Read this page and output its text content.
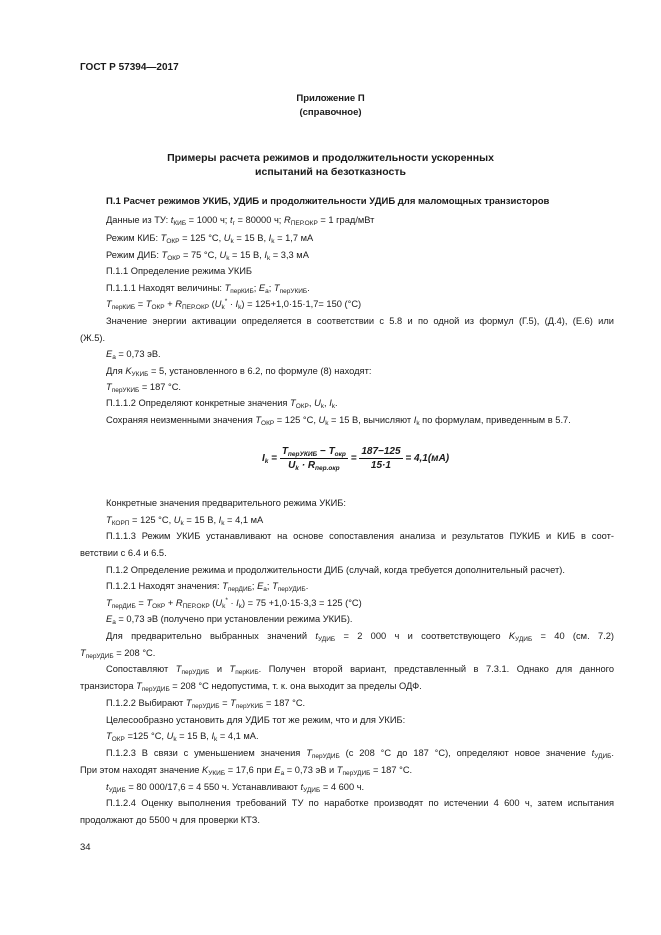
ГОСТ Р 57394—2017
Приложение П
(справочное)
Примеры расчета режимов и продолжительности ускоренных
испытаний на безотказность
П.1 Расчет режимов УКИБ, УДИБ и продолжительности УДИБ для маломощных транзисторов
Данные из ТУ: $t_{КИБ} = 1000$ ч; $t_г = 80000$ ч; $R_{ПЕР.ОКР} = 1$ град/мВт
Режим КИБ: $T_{ОКР} = 125$ °С, $U_k = 15$ В, $I_k = 1,7$ мА
Режим ДИБ: $T_{ОКР} = 75$ °С, $U_k = 15$ В, $I_k = 3,3$ мА
П.1.1 Определение режима УКИБ
П.1.1.1 Находят величины: $T_{перКИБ}$; $E_a$; $T_{перУКИБ}$.
$T_{перКИБ} = T_{ОКР} + R_{ПЕР.ОКР}$ $(U_k^* \cdot I_k) = 125+1,0\cdot 15\cdot 1,7= 150$ (°С)
Значение энергии активации определяется в соответствии с 5.8 и по одной из формул (Г.5), (Д.4), (Е.6) или
(Ж.5).
$E_a = 0,73$ эВ.
Для $K_{УКИБ} = 5$, установленного в 6.2, по формуле (8) находят:
$T_{перУКИБ} = 187$ °С.
П.1.1.2 Определяют конкретные значения $T_{ОКР}$, $U_k$, $I_k$.
Сохраняя неизменными значения $T_{ОКР} = 125$ °С, $U_k = 15$ В, вычисляют $I_k$ по формулам, приведенным в 5.7.
$I_k = \frac{T_{перУКИБ} - T_{окр}}{U_k \cdot R_{пер.окр}} = \frac{187-125}{15\cdot 1} = 4,1(мА)$
Конкретные значения предварительного режима УКИБ:
$T_{КОРП} = 125$ °С, $U_k = 15$ В, $I_k = 4,1$ мА
П.1.1.3 Режим УКИБ устанавливают на основе сопоставления анализа и результатов ПУКИБ и КИБ в соот-
ветствии с 6.4 и 6.5.
П.1.2 Определение режима и продолжительности ДИБ (случай, когда требуется дополнительный расчет).
П.1.2.1 Находят значения: $T_{перДИБ}$; $E_a$; $T_{перУДИБ}$.
$T_{перДИБ} = T_{ОКР} + R_{ПЕР.ОКР}$ $(U_k^* \cdot I_k) = 75 +1,0\cdot 15\cdot 3,3 = 125$ (°С)
$E_a = 0,73$ эВ (получено при установлении режима УКИБ).
Для предварительно выбранных значений $t_{УДИБ} = 2$ 000 ч и соответствующего $K_{УДИБ} = 40$ (см. 7.2)
$T_{перУДИБ} = 208$ °С.
Сопоставляют $T_{перУДИБ}$ и $T_{перКИБ}$. Получен второй вариант, представленный в 7.3.1. Однако для данного
транзистора $T_{перУДИБ} = 208$ °С недопустима, т. к. она выходит за пределы ОДФ.
П.1.2.2 Выбирают $T_{перУДИБ} = T_{перУКИБ} = 187$ °С.
Целесообразно установить для УДИБ тот же режим, что и для УКИБ:
$T_{ОКР} =125$ °С, $U_k = 15$ В, $I_k = 4,1$ мА.
П.1.2.3 В связи с уменьшением значения $T_{перУДИБ}$ (с 208 °С до 187 °С), определяют новое значение $t_{УДИБ}$.
При этом находят значение $K_{УКИБ} = 17,6$ при $E_a = 0,73$ эВ и $T_{перУДИБ} = 187$ °С.
$t_{УДИБ} = 80$ 000/17,6 = 4 550 ч. Устанавливают $t_{УДИБ} = 4$ 600 ч.
П.1.2.4 Оценку выполнения требований ТУ по наработке производят по истечении 4 600 ч, затем испытания
продолжают до 5500 ч для проверки КТЗ.
34
